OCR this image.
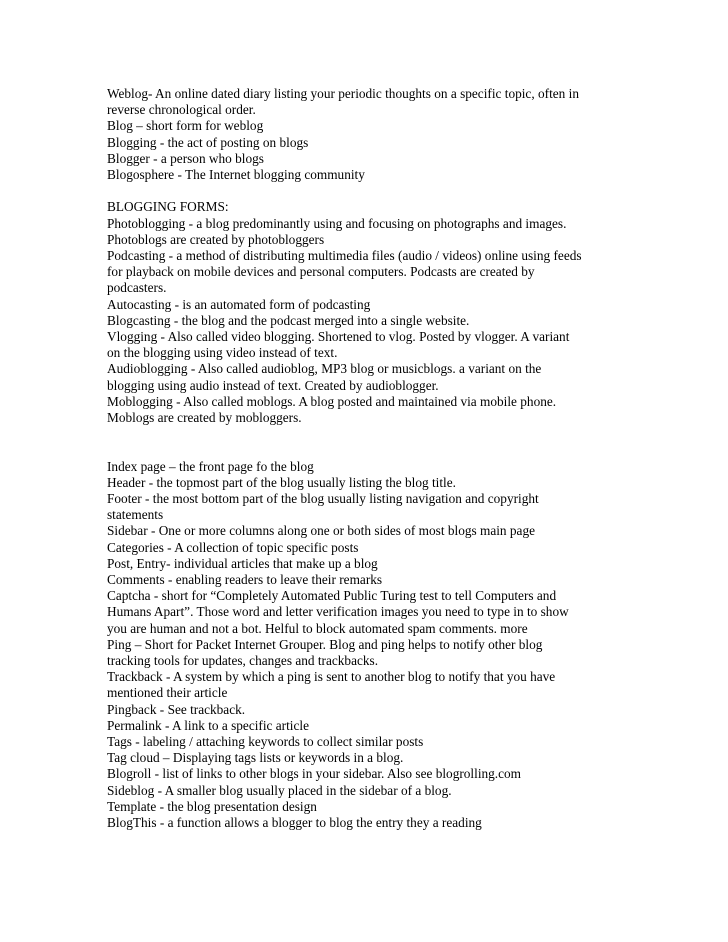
Weblog- An online dated diary listing your periodic thoughts on a specific topic, often in
reverse chronological order.
Blog – short form for weblog
Blogging - the act of posting on blogs
Blogger - a person who blogs
Blogosphere - The Internet blogging community
BLOGGING FORMS:
Photoblogging - a blog predominantly using and focusing on photographs and images.
Photoblogs are created by photobloggers
Podcasting - a method of distributing multimedia files (audio / videos) online using feeds
for playback on mobile devices and personal computers. Podcasts are created by
podcasters.
Autocasting - is an automated form of podcasting
Blogcasting - the blog and the podcast merged into a single website.
Vlogging - Also called video blogging. Shortened to vlog. Posted by vlogger. A variant
on the blogging using video instead of text.
Audioblogging - Also called audioblog, MP3 blog or musicblogs. a variant on the
blogging using audio instead of text. Created by audioblogger.
Moblogging - Also called moblogs. A blog posted and maintained via mobile phone.
Moblogs are created by mobloggers.
Index page – the front page fo the blog
Header - the topmost part of the blog usually listing the blog title.
Footer - the most bottom part of the blog usually listing navigation and copyright
statements
Sidebar - One or more columns along one or both sides of most blogs main page
Categories - A collection of topic specific posts
Post, Entry- individual articles that make up a blog
Comments - enabling readers to leave their remarks
Captcha - short for “Completely Automated Public Turing test to tell Computers and
Humans Apart”. Those word and letter verification images you need to type in to show
you are human and not a bot. Helful to block automated spam comments. more
Ping – Short for Packet Internet Grouper. Blog and ping helps to notify other blog
tracking tools for updates, changes and trackbacks.
Trackback - A system by which a ping is sent to another blog to notify that you have
mentioned their article
Pingback - See trackback.
Permalink - A link to a specific article
Tags - labeling / attaching keywords to collect similar posts
Tag cloud – Displaying tags lists or keywords in a blog.
Blogroll - list of links to other blogs in your sidebar. Also see blogrolling.com
Sideblog - A smaller blog usually placed in the sidebar of a blog.
Template - the blog presentation design
BlogThis - a function allows a blogger to blog the entry they a reading
